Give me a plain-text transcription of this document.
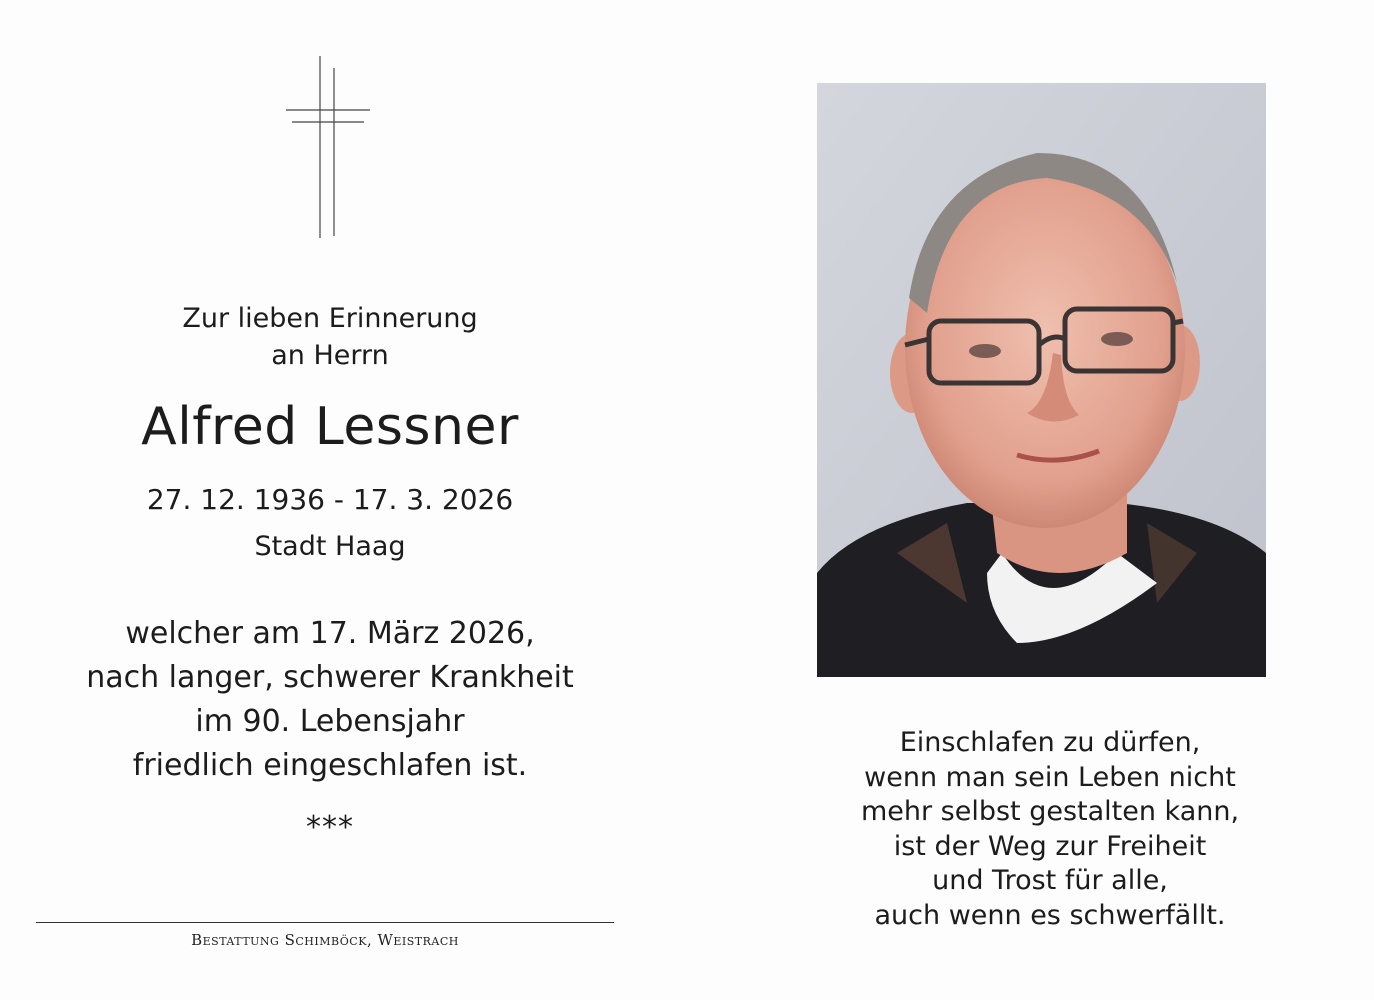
Zur lieben Erinnerung
an Herrn
Alfred Lessner
27. 12. 1936 - 17. 3. 2026
Stadt Haag
welcher am 17. März 2026,
nach langer, schwerer Krankheit
im 90. Lebensjahr
friedlich eingeschlafen ist.
***
Bestattung Schimböck, Weistrach
Einschlafen zu dürfen,
wenn man sein Leben nicht
mehr selbst gestalten kann,
ist der Weg zur Freiheit
und Trost für alle,
auch wenn es schwerfällt.
